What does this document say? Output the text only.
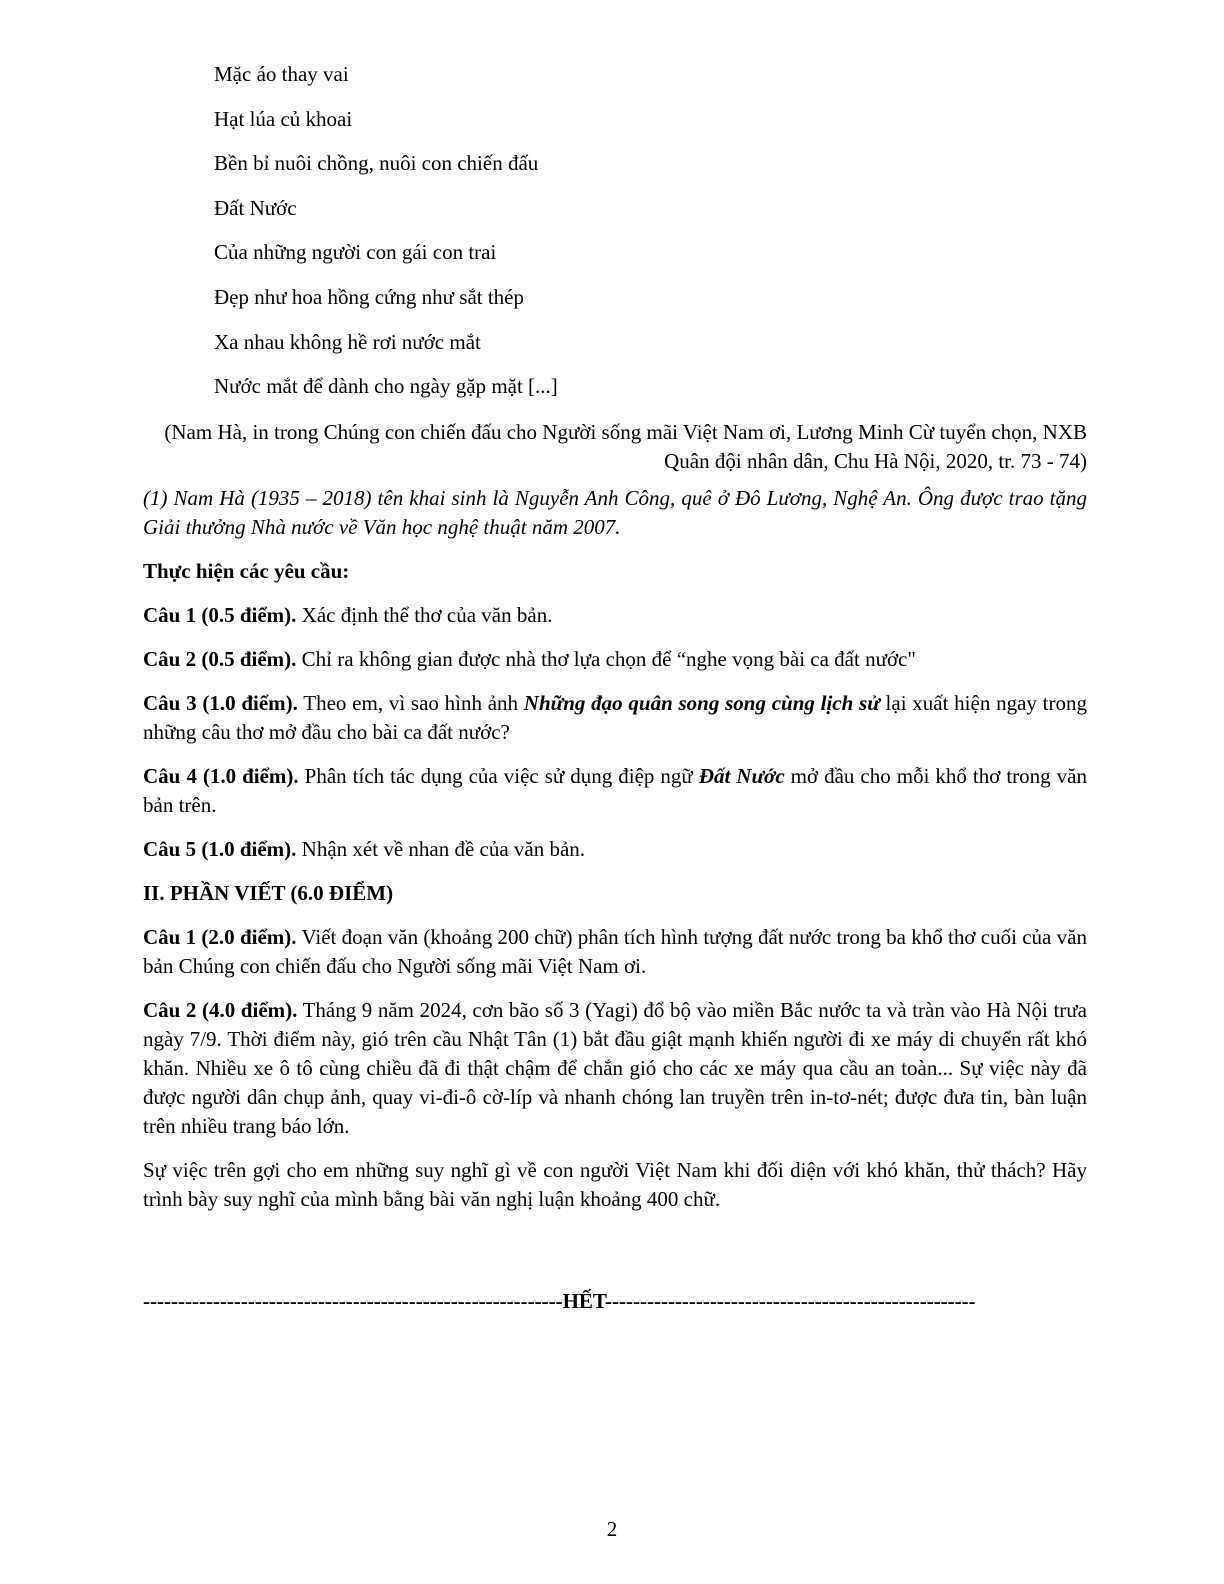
Mặc áo thay vai
Hạt lúa củ khoai
Bền bỉ nuôi chồng, nuôi con chiến đấu
Đất Nước
Của những người con gái con trai
Đẹp như hoa hồng cứng như sắt thép
Xa nhau không hề rơi nước mắt
Nước mắt để dành cho ngày gặp mặt [...]

(Nam Hà, in trong Chúng con chiến đấu cho Người sống mãi Việt Nam ơi, Lương Minh Cừ tuyển chọn, NXB Quân đội nhân dân, Chu Hà Nội, 2020, tr. 73 - 74)

(1) Nam Hà (1935 – 2018) tên khai sinh là Nguyễn Anh Công, quê ở Đô Lương, Nghệ An. Ông được trao tặng Giải thưởng Nhà nước về Văn học nghệ thuật năm 2007.

Thực hiện các yêu cầu:

Câu 1 (0.5 điểm). Xác định thể thơ của văn bản.

Câu 2 (0.5 điểm). Chỉ ra không gian được nhà thơ lựa chọn để “nghe vọng bài ca đất nước"

Câu 3 (1.0 điểm). Theo em, vì sao hình ảnh Những đạo quân song song cùng lịch sử lại xuất hiện ngay trong những câu thơ mở đầu cho bài ca đất nước?

Câu 4 (1.0 điểm). Phân tích tác dụng của việc sử dụng điệp ngữ Đất Nước mở đầu cho mỗi khổ thơ trong văn bản trên.

Câu 5 (1.0 điểm). Nhận xét về nhan đề của văn bản.

II. PHẦN VIẾT (6.0 ĐIỂM)

Câu 1 (2.0 điểm). Viết đoạn văn (khoảng 200 chữ) phân tích hình tượng đất nước trong ba khổ thơ cuối của văn bản Chúng con chiến đấu cho Người sống mãi Việt Nam ơi.

Câu 2 (4.0 điểm). Tháng 9 năm 2024, cơn bão số 3 (Yagi) đổ bộ vào miền Bắc nước ta và tràn vào Hà Nội trưa ngày 7/9. Thời điểm này, gió trên cầu Nhật Tân (1) bắt đầu giật mạnh khiến người đi xe máy di chuyển rất khó khăn. Nhiều xe ô tô cùng chiều đã đi thật chậm để chắn gió cho các xe máy qua cầu an toàn... Sự việc này đã được người dân chụp ảnh, quay vi-đi-ô cờ-líp và nhanh chóng lan truyền trên in-tơ-nét; được đưa tin, bàn luận trên nhiều trang báo lớn.

Sự việc trên gợi cho em những suy nghĩ gì về con người Việt Nam khi đối diện với khó khăn, thử thách? Hãy trình bày suy nghĩ của mình bằng bài văn nghị luận khoảng 400 chữ.

------------------------------------------------------------HẾT-----------------------------------------------------
2
